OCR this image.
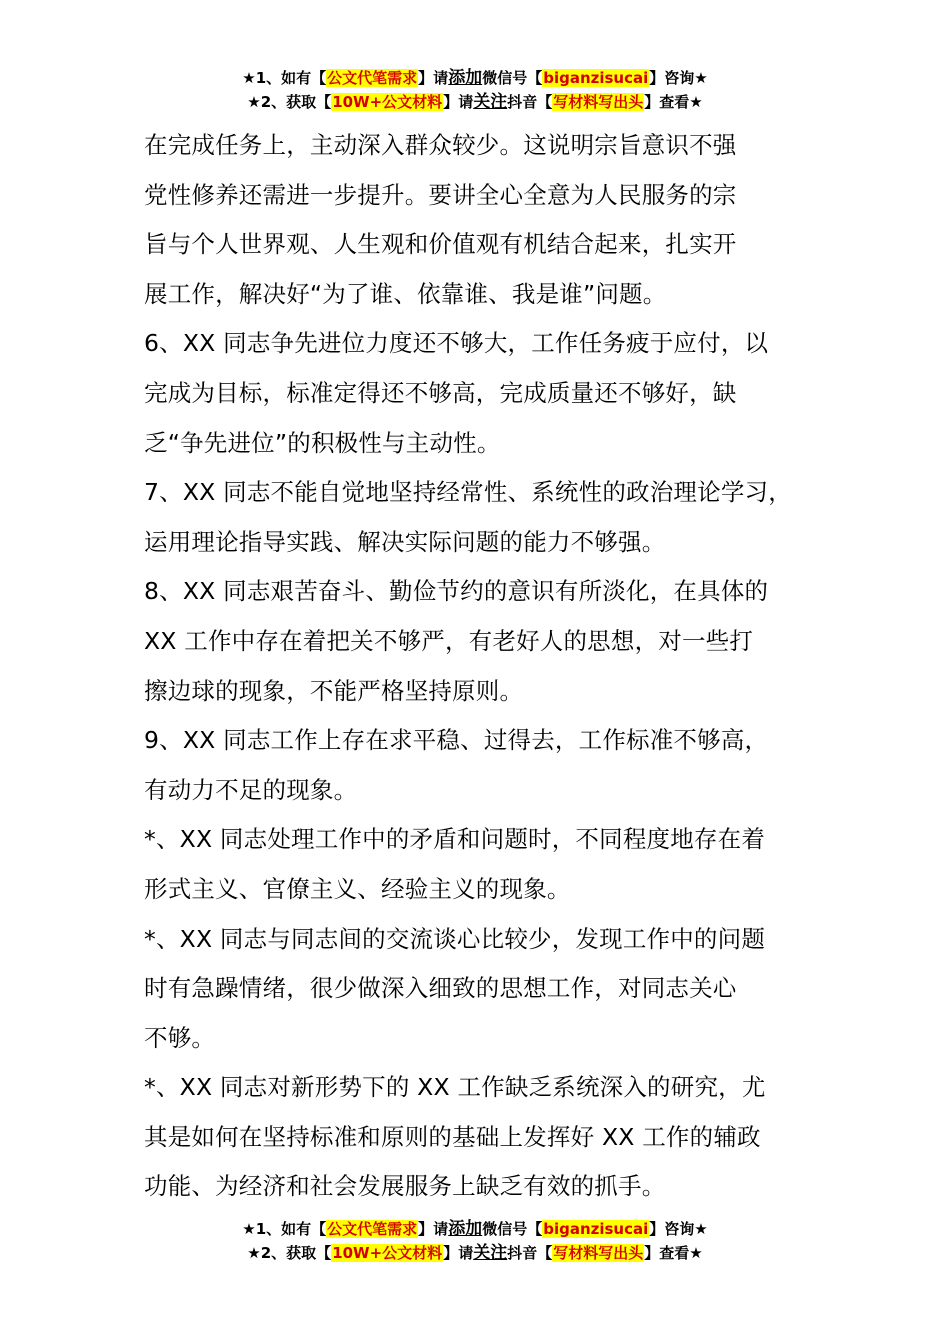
★1、如有【公文代笔需求】请添加微信号【biganzisucai】咨询★
★2、获取【10W+公文材料】请关注抖音【写材料写出头】查看★

在完成任务上，主动深入群众较少。这说明宗旨意识不强

党性修养还需进一步提升。要讲全心全意为人民服务的宗

旨与个人世界观、人生观和价值观有机结合起来，扎实开

展工作，解决好“为了谁、依靠谁、我是谁”问题。

6、XX 同志争先进位力度还不够大，工作任务疲于应付，以

完成为目标，标准定得还不够高，完成质量还不够好，缺

乏“争先进位”的积极性与主动性。

7、XX 同志不能自觉地坚持经常性、系统性的政治理论学习，

运用理论指导实践、解决实际问题的能力不够强。

8、XX 同志艰苦奋斗、勤俭节约的意识有所淡化，在具体的

XX 工作中存在着把关不够严，有老好人的思想，对一些打

擦边球的现象，不能严格坚持原则。

9、XX 同志工作上存在求平稳、过得去，工作标准不够高，

有动力不足的现象。

*、XX 同志处理工作中的矛盾和问题时，不同程度地存在着

形式主义、官僚主义、经验主义的现象。

*、XX 同志与同志间的交流谈心比较少，发现工作中的问题

时有急躁情绪，很少做深入细致的思想工作，对同志关心

不够。

*、XX 同志对新形势下的 XX 工作缺乏系统深入的研究，尤

其是如何在坚持标准和原则的基础上发挥好 XX 工作的辅政

功能、为经济和社会发展服务上缺乏有效的抓手。

★1、如有【公文代笔需求】请添加微信号【biganzisucai】咨询★
★2、获取【10W+公文材料】请关注抖音【写材料写出头】查看★
